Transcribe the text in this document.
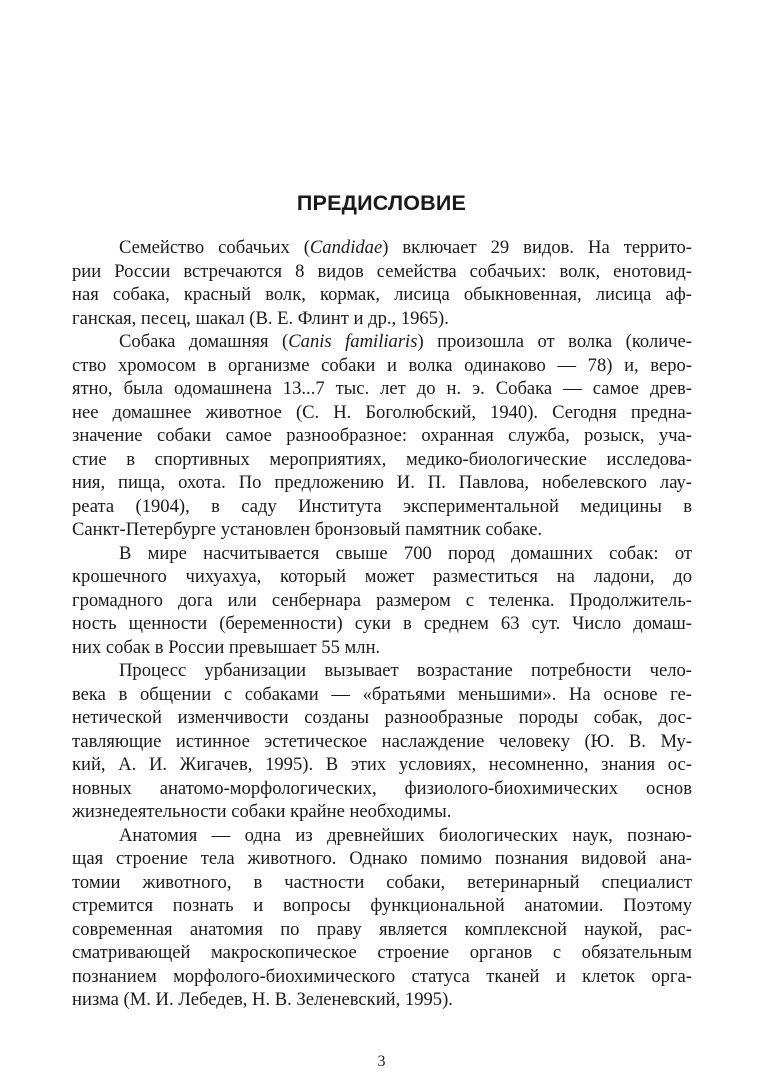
ПРЕДИСЛОВИЕ

Семейство собачьих (Candidae) включает 29 видов. На террито-
рии России встречаются 8 видов семейства собачьих: волк, енотовид-
ная собака, красный волк, кормак, лисица обыкновенная, лисица аф-
ганская, песец, шакал (В. Е. Флинт и др., 1965).

Собака домашняя (Canis familiaris) произошла от волка (количе-
ство хромосом в организме собаки и волка одинаково — 78) и, веро-
ятно, была одомашнена 13...7 тыс. лет до н. э. Собака — самое древ-
нее домашнее животное (С. Н. Боголюбский, 1940). Сегодня предна-
значение собаки самое разнообразное: охранная служба, розыск, уча-
стие в спортивных мероприятиях, медико-биологические исследова-
ния, пища, охота. По предложению И. П. Павлова, нобелевского лау-
реата (1904), в саду Института экспериментальной медицины в
Санкт-Петербурге установлен бронзовый памятник собаке.

В мире насчитывается свыше 700 пород домашних собак: от
крошечного чихуахуа, который может разместиться на ладони, до
громадного дога или сенбернара размером с теленка. Продолжитель-
ность щенности (беременности) суки в среднем 63 сут. Число домаш-
них собак в России превышает 55 млн.

Процесс урбанизации вызывает возрастание потребности чело-
века в общении с собаками — «братьями меньшими». На основе ге-
нетической изменчивости созданы разнообразные породы собак, дос-
тавляющие истинное эстетическое наслаждение человеку (Ю. В. Му-
кий, А. И. Жигачев, 1995). В этих условиях, несомненно, знания ос-
новных анатомо-морфологических, физиолого-биохимических основ
жизнедеятельности собаки крайне необходимы.

Анатомия — одна из древнейших биологических наук, познаю-
щая строение тела животного. Однако помимо познания видовой ана-
томии животного, в частности собаки, ветеринарный специалист
стремится познать и вопросы функциональной анатомии. Поэтому
современная анатомия по праву является комплексной наукой, рас-
сматривающей макроскопическое строение органов с обязательным
познанием морфолого-биохимического статуса тканей и клеток орга-
низма (М. И. Лебедев, Н. В. Зеленевский, 1995).

3
